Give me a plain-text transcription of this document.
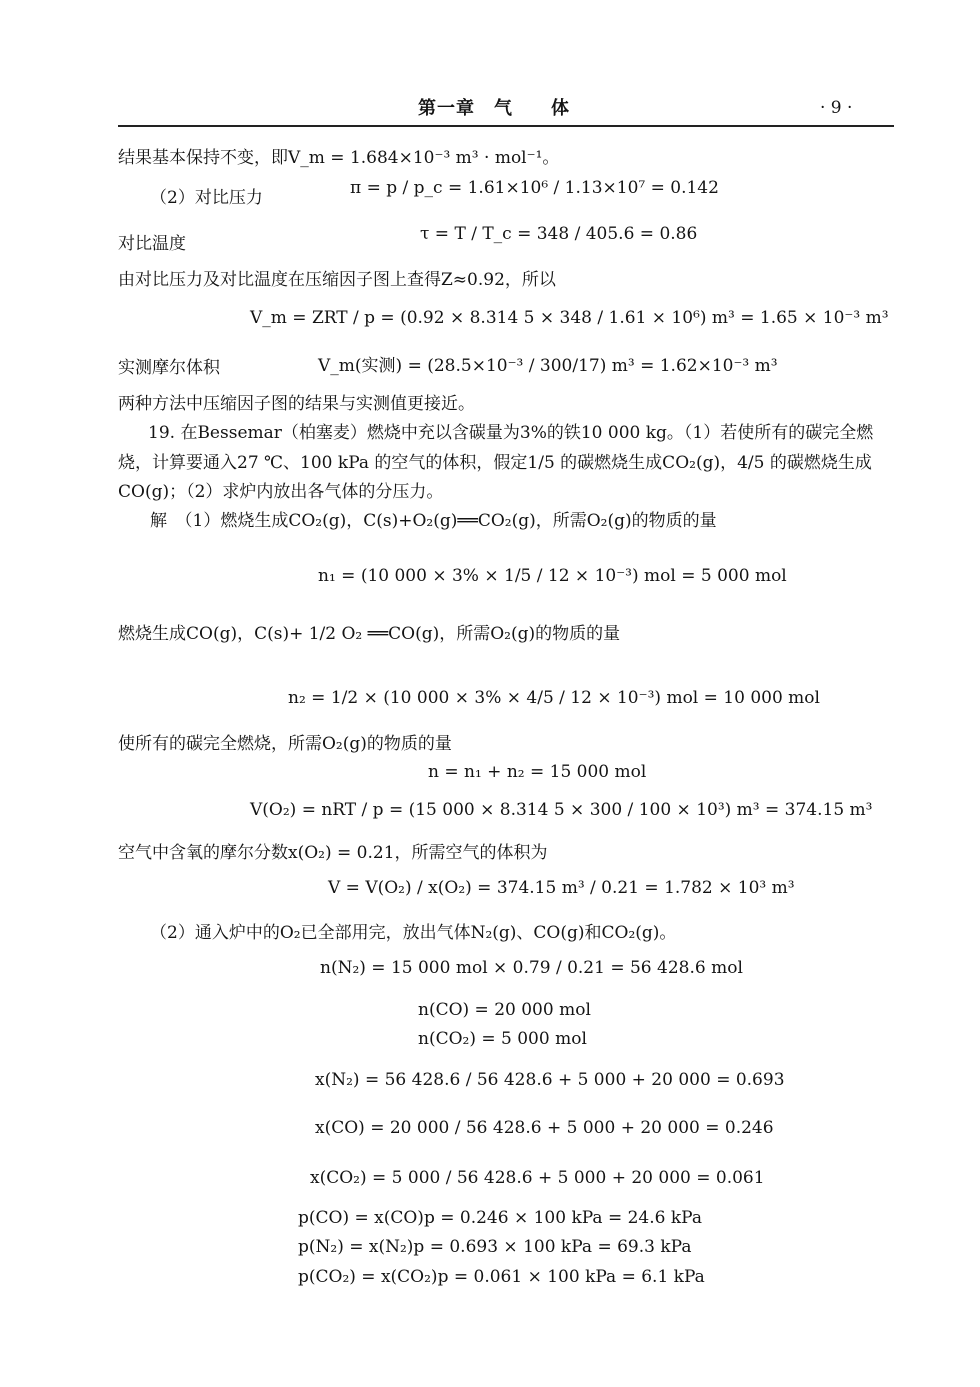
第一章　气　　体	· 9 ·
结果基本保持不变，即V_m = 1.684×10⁻³ m³ · mol⁻¹。
（2）对比压力	π = p / p_c = 1.61×10⁶ / 1.13×10⁷ = 0.142
对比温度	τ = T / T_c = 348 / 405.6 = 0.86
由对比压力及对比温度在压缩因子图上查得Z≈0.92，所以
V_m = ZRT / p = (0.92 × 8.314 5 × 348 / 1.61 × 10⁶) m³ = 1.65 × 10⁻³ m³
实测摩尔体积	V_m(实测) = (28.5×10⁻³ / 300/17) m³ = 1.62×10⁻³ m³
两种方法中压缩因子图的结果与实测值更接近。
19. 在Bessemar（柏塞麦）燃烧中充以含碳量为3%的铁10 000 kg。（1）若使所有的碳完全燃
烧，计算要通入27 ℃、100 kPa 的空气的体积，假定1/5 的碳燃烧生成CO₂(g)，4/5 的碳燃烧生成
CO(g)；（2）求炉内放出各气体的分压力。
解　（1）燃烧生成CO₂(g)，C(s)+O₂(g)══CO₂(g)，所需O₂(g)的物质的量
n₁ = (10 000 × 3% × 1/5 / 12 × 10⁻³) mol = 5 000 mol
燃烧生成CO(g)，C(s)+ 1/2 O₂ ══CO(g)，所需O₂(g)的物质的量
n₂ = 1/2 × (10 000 × 3% × 4/5 / 12 × 10⁻³) mol = 10 000 mol
使所有的碳完全燃烧，所需O₂(g)的物质的量
n = n₁ + n₂ = 15 000 mol
V(O₂) = nRT / p = (15 000 × 8.314 5 × 300 / 100 × 10³) m³ = 374.15 m³
空气中含氧的摩尔分数x(O₂) = 0.21，所需空气的体积为
V = V(O₂) / x(O₂) = 374.15 m³ / 0.21 = 1.782 × 10³ m³
（2）通入炉中的O₂已全部用完，放出气体N₂(g)、CO(g)和CO₂(g)。
n(N₂) = 15 000 mol × 0.79 / 0.21 = 56 428.6 mol
n(CO) = 20 000 mol
n(CO₂) = 5 000 mol
x(N₂) = 56 428.6 / 56 428.6 + 5 000 + 20 000 = 0.693
x(CO) = 20 000 / 56 428.6 + 5 000 + 20 000 = 0.246
x(CO₂) = 5 000 / 56 428.6 + 5 000 + 20 000 = 0.061
p(CO) = x(CO)p = 0.246 × 100 kPa = 24.6 kPa
p(N₂) = x(N₂)p = 0.693 × 100 kPa = 69.3 kPa
p(CO₂) = x(CO₂)p = 0.061 × 100 kPa = 6.1 kPa
